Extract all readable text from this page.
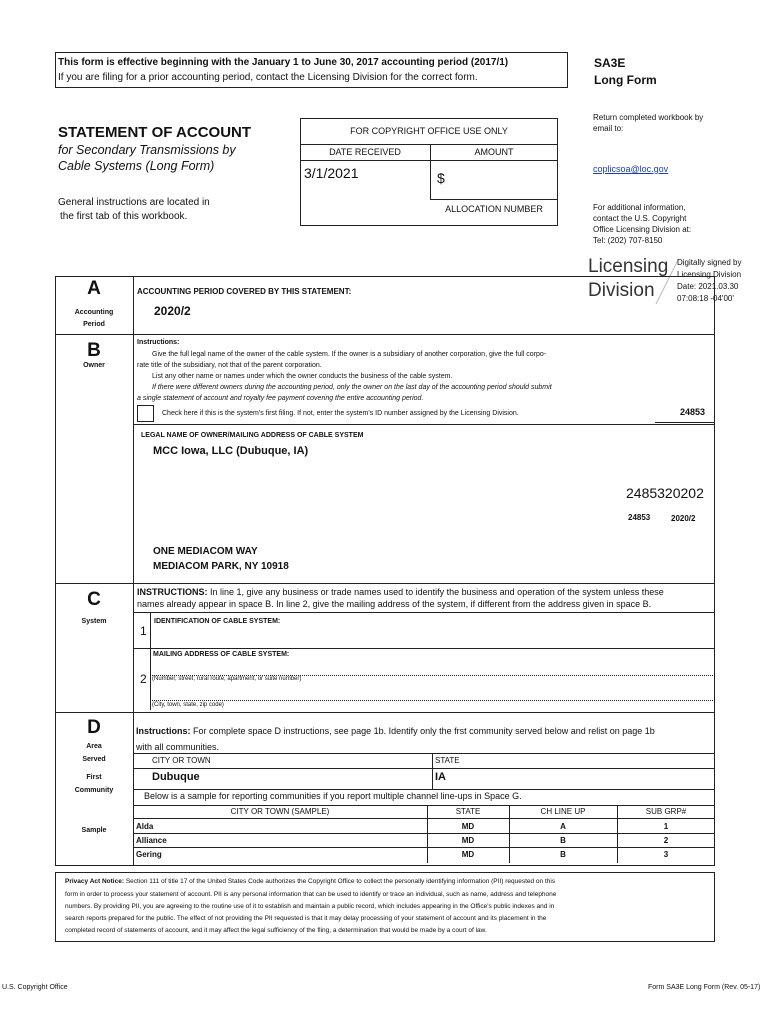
This form is effective beginning with the January 1 to June 30, 2017 accounting period (2017/1)
If you are filing for a prior accounting period, contact the Licensing Division for the correct form.
SA3E
Long Form
STATEMENT OF ACCOUNT
for Secondary Transmissions by
Cable Systems (Long Form)
General instructions are located in
the first tab of this workbook.
FOR COPYRIGHT OFFICE USE ONLY
DATE RECEIVED	AMOUNT
3/1/2021	$
ALLOCATION NUMBER
Return completed workbook by
email to:
coplicsoa@loc.gov
For additional information,
contact the U.S. Copyright
Office Licensing Division at:
Tel: (202) 707-8150
Licensing
Division
Digitally signed by
Licensing Division
Date: 2021.03.30
07:08:18 -04'00'
A
Accounting
Period
ACCOUNTING PERIOD COVERED BY THIS STATEMENT:
2020/2
B
Owner
Instructions:
Give the full legal name of the owner of the cable system. If the owner is a subsidiary of another corporation, give the full corpo-
rate title of the subsidiary, not that of the parent corporation.
List any other name or names under which the owner conducts the business of the cable system.
If there were different owners during the accounting period, only the owner on the last day of the accounting period should submit
a single statement of account and royalty fee payment covering the entire accounting period.
Check here if this is the system's first filing. If not, enter the system's ID number assigned by the Licensing Division.	24853
LEGAL NAME OF OWNER/MAILING ADDRESS OF CABLE SYSTEM
MCC Iowa, LLC (Dubuque, IA)
2485320202
24853	2020/2
ONE MEDIACOM WAY
MEDIACOM PARK, NY 10918
C
System
INSTRUCTIONS: In line 1, give any business or trade names used to identify the business and operation of the system unless these
names already appear in space B. In line 2, give the mailing address of the system, if different from the address given in space B.
1
IDENTIFICATION OF CABLE SYSTEM:
MAILING ADDRESS OF CABLE SYSTEM:
2 (Number, street, rural route, apartment, or suite number)
(City, town, state, zip code)
D
Area
Served
First
Community
Sample
Instructions: For complete space D instructions, see page 1b. Identify only the frst community served below and relist on page 1b
with all communities.
CITY OR TOWN	STATE
Dubuque	IA
Below is a sample for reporting communities if you report multiple channel line-ups in Space G.
CITY OR TOWN (SAMPLE)	STATE	CH LINE UP	SUB GRP#
Alda	MD	A	1
Alliance	MD	B	2
Gering	MD	B	3
Privacy Act Notice: Section 111 of title 17 of the United States Code authorizes the Copyright Office to collect the personally identifying information (PII) requested on this
form in order to process your statement of account. PII is any personal information that can be used to identify or trace an individual, such as name, address and telephone
numbers. By providing PII, you are agreeing to the routine use of it to establish and maintain a public record, which includes appearing in the Office's public indexes and in
search reports prepared for the public. The effect of not providing the PII requested is that it may delay processing of your statement of account and its placement in the
completed record of statements of account, and it may affect the legal sufficiency of the fling, a determination that would be made by a court of law.
U.S. Copyright Office	Form SA3E Long Form (Rev. 05-17)
